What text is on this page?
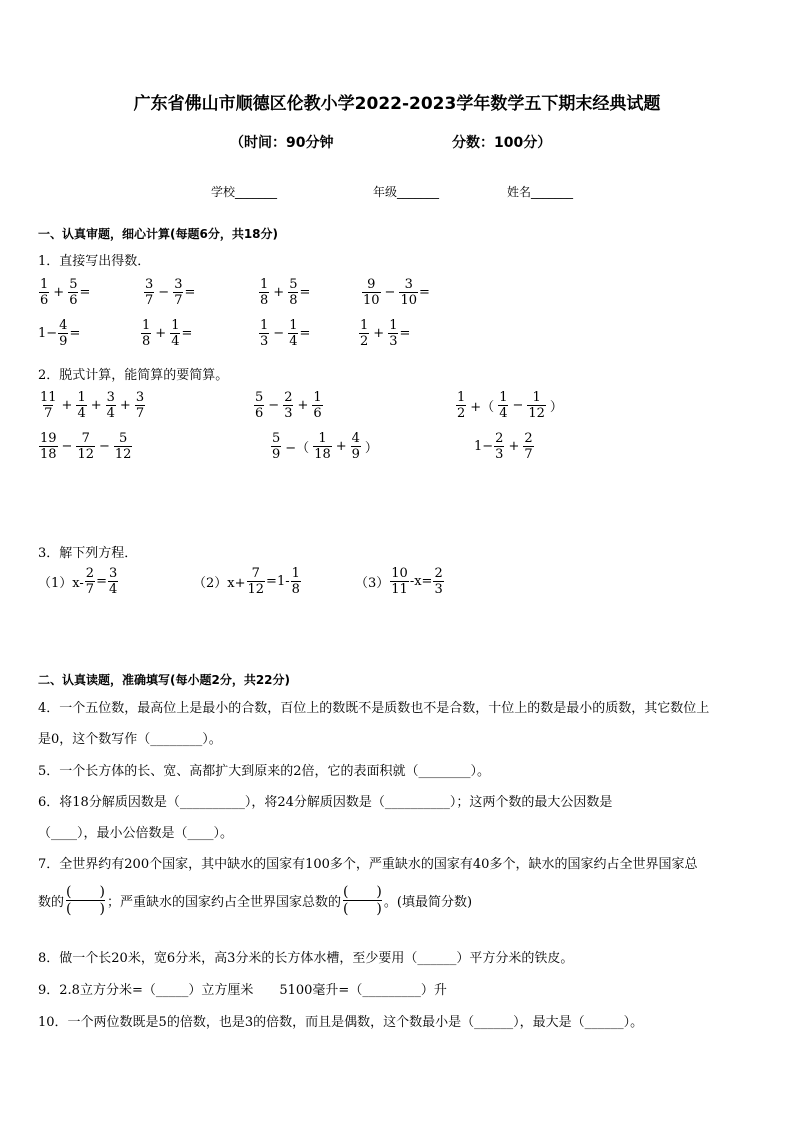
广东省佛山市顺德区伦教小学2022-2023学年数学五下期末经典试题
（时间：90分钟	分数：100分）
学校_______	年级_______	姓名_______
一、认真审题，细心计算(每题6分，共18分)
1．直接写出得数．
$\frac{1}{6} + \frac{5}{6}$ =	$\frac{3}{7} - \frac{3}{7}$ =	$\frac{1}{8} + \frac{5}{8}$ =	$\frac{9}{10} - \frac{3}{10}$ =
$1- \frac{4}{9}$ =	$\frac{1}{8} + \frac{1}{4}$ =	$\frac{1}{3} - \frac{1}{4}$ =	$\frac{1}{2} + \frac{1}{3}$ =
2．脱式计算，能简算的要简算。
$\frac{11}{7} + \frac{1}{4} + \frac{3}{4} + \frac{3}{7}$	$\frac{5}{6} - \frac{2}{3} + \frac{1}{6}$	$\frac{1}{2}$ +（ $\frac{1}{4} - \frac{1}{12}$ ）
$\frac{19}{18} - \frac{7}{12} - \frac{5}{12}$	$\frac{5}{9}$ −（ $\frac{1}{18} + \frac{4}{9}$ ）	$1- \frac{2}{3} + \frac{2}{7}$
3．解下列方程．
$(1)x- \frac{2}{7} = \frac{3}{4}$	$(2)x+ \frac{7}{12} =1- \frac{1}{8}$	$(3) \frac{10}{11} -x= \frac{2}{3}$
二、认真读题，准确填写(每小题2分，共22分)
4．一个五位数，最高位上是最小的合数，百位上的数既不是质数也不是合数，十位上的数是最小的质数，其它数位上
是0，这个数写作（________）。
5．一个长方体的长、宽、高都扩大到原来的2倍，它的表面积就（________）。
6．将18分解质因数是（__________），将24分解质因数是（__________）；这两个数的最大公因数是
（____），最小公倍数是（____）。
7．全世界约有200个国家，其中缺水的国家有100多个，严重缺水的国家有40多个，缺水的国家约占全世界国家总
数的 $\frac{( )}{( )}$ ；严重缺水的国家约占全世界国家总数的 $\frac{( )}{( )}$ 。(填最简分数)
8．做一个长20米，宽6分米，高3分米的长方体水槽，至少要用（______）平方分米的铁皮。
9．2.8立方分米=（_____）立方厘米　　5100毫升=（_________）升
10．一个两位数既是5的倍数，也是3的倍数，而且是偶数，这个数最小是（______），最大是（______）。
